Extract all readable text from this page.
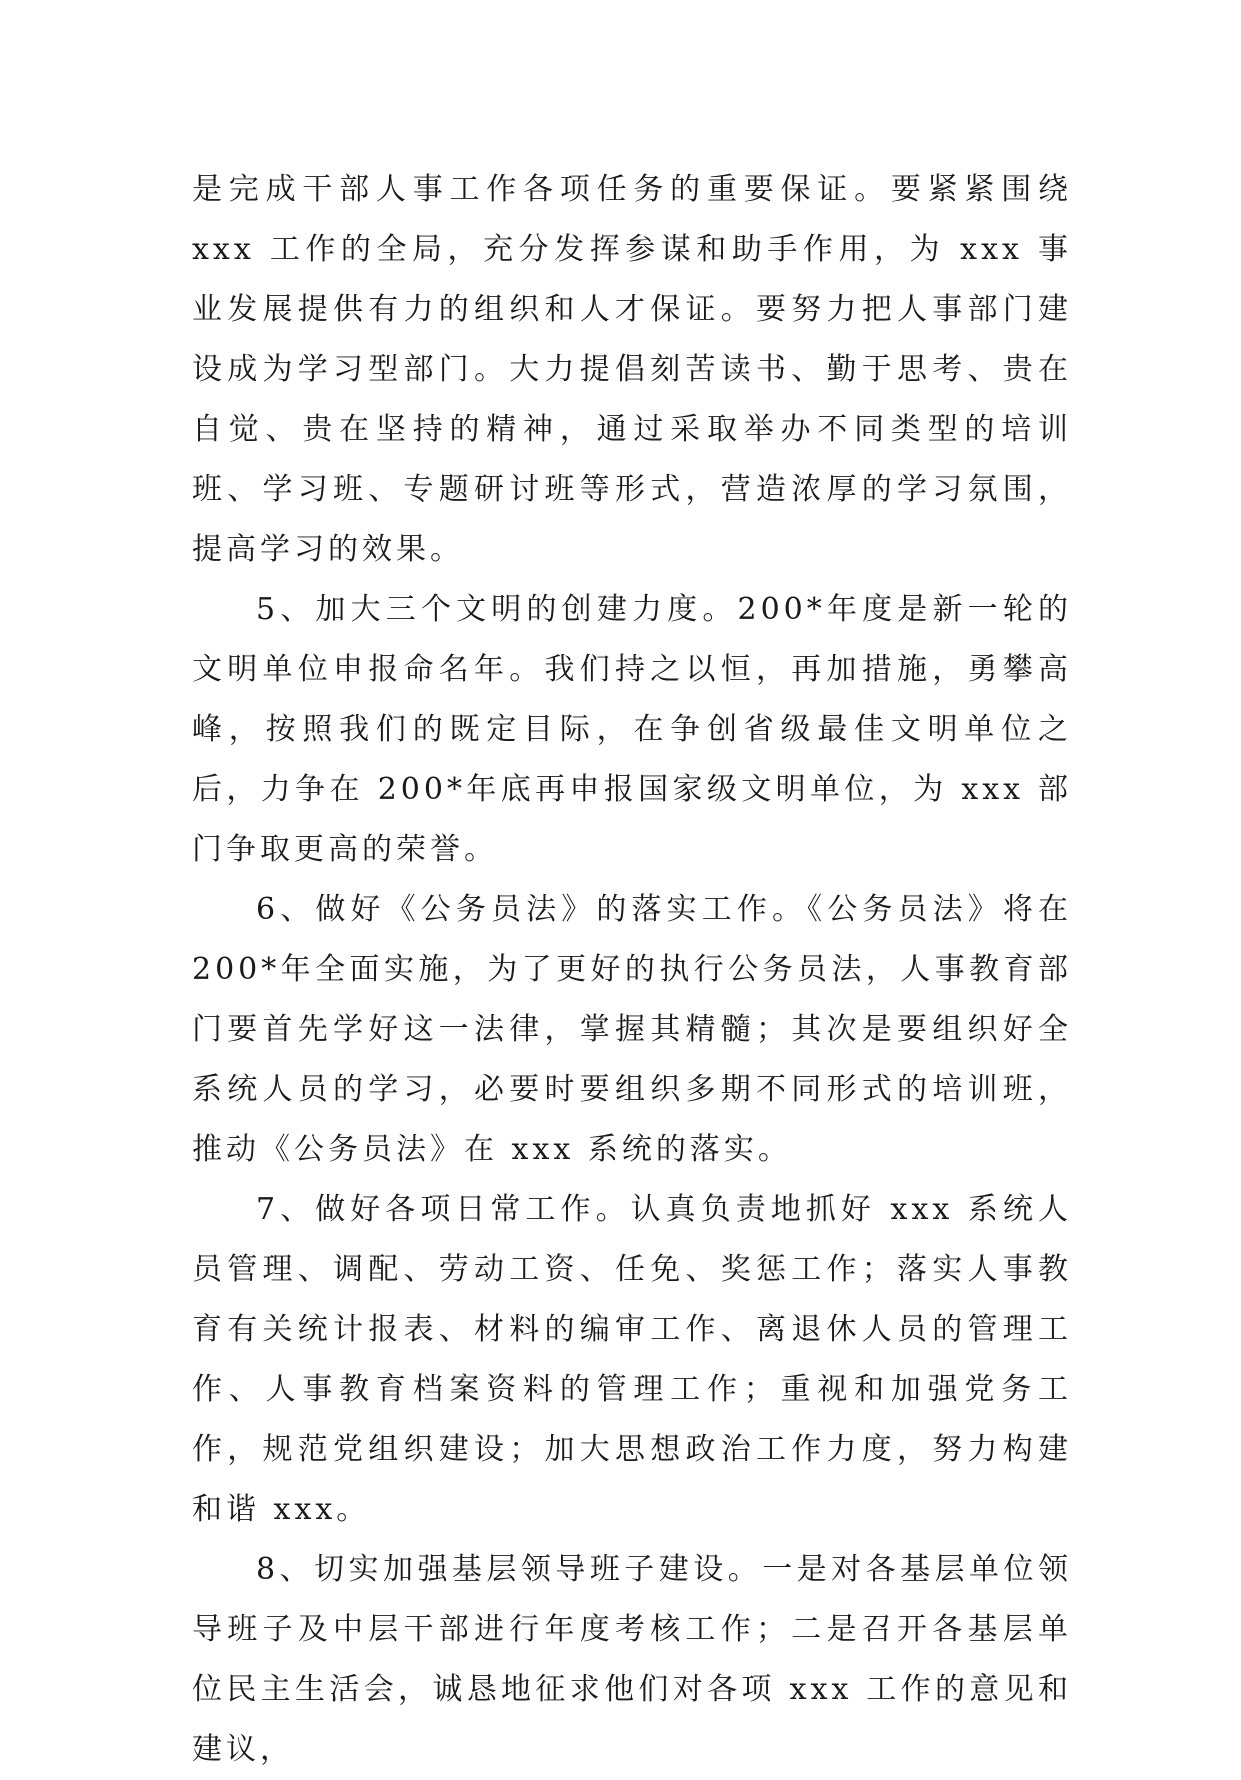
是完成干部人事工作各项任务的重要保证。要紧紧围绕 xxx 工作的全局，充分发挥参谋和助手作用，为 xxx 事业发展提供有力的组织和人才保证。要努力把人事部门建设成为学习型部门。大力提倡刻苦读书、勤于思考、贵在自觉、贵在坚持的精神，通过采取举办不同类型的培训班、学习班、专题研讨班等形式，营造浓厚的学习氛围，提高学习的效果。

5、加大三个文明的创建力度。200*年度是新一轮的文明单位申报命名年。我们持之以恒，再加措施，勇攀高峰，按照我们的既定目际，在争创省级最佳文明单位之后，力争在 200*年底再申报国家级文明单位，为 xxx 部门争取更高的荣誉。

6、做好《公务员法》的落实工作。《公务员法》将在 200*年全面实施，为了更好的执行公务员法，人事教育部门要首先学好这一法律，掌握其精髓；其次是要组织好全系统人员的学习，必要时要组织多期不同形式的培训班，推动《公务员法》在 xxx 系统的落实。

7、做好各项日常工作。认真负责地抓好 xxx 系统人员管理、调配、劳动工资、任免、奖惩工作；落实人事教育有关统计报表、材料的编审工作、离退休人员的管理工作、人事教育档案资料的管理工作；重视和加强党务工作，规范党组织建设；加大思想政治工作力度，努力构建和谐 xxx。

8、切实加强基层领导班子建设。一是对各基层单位领导班子及中层干部进行年度考核工作；二是召开各基层单位民主生活会，诚恳地征求他们对各项 xxx 工作的意见和建议，
